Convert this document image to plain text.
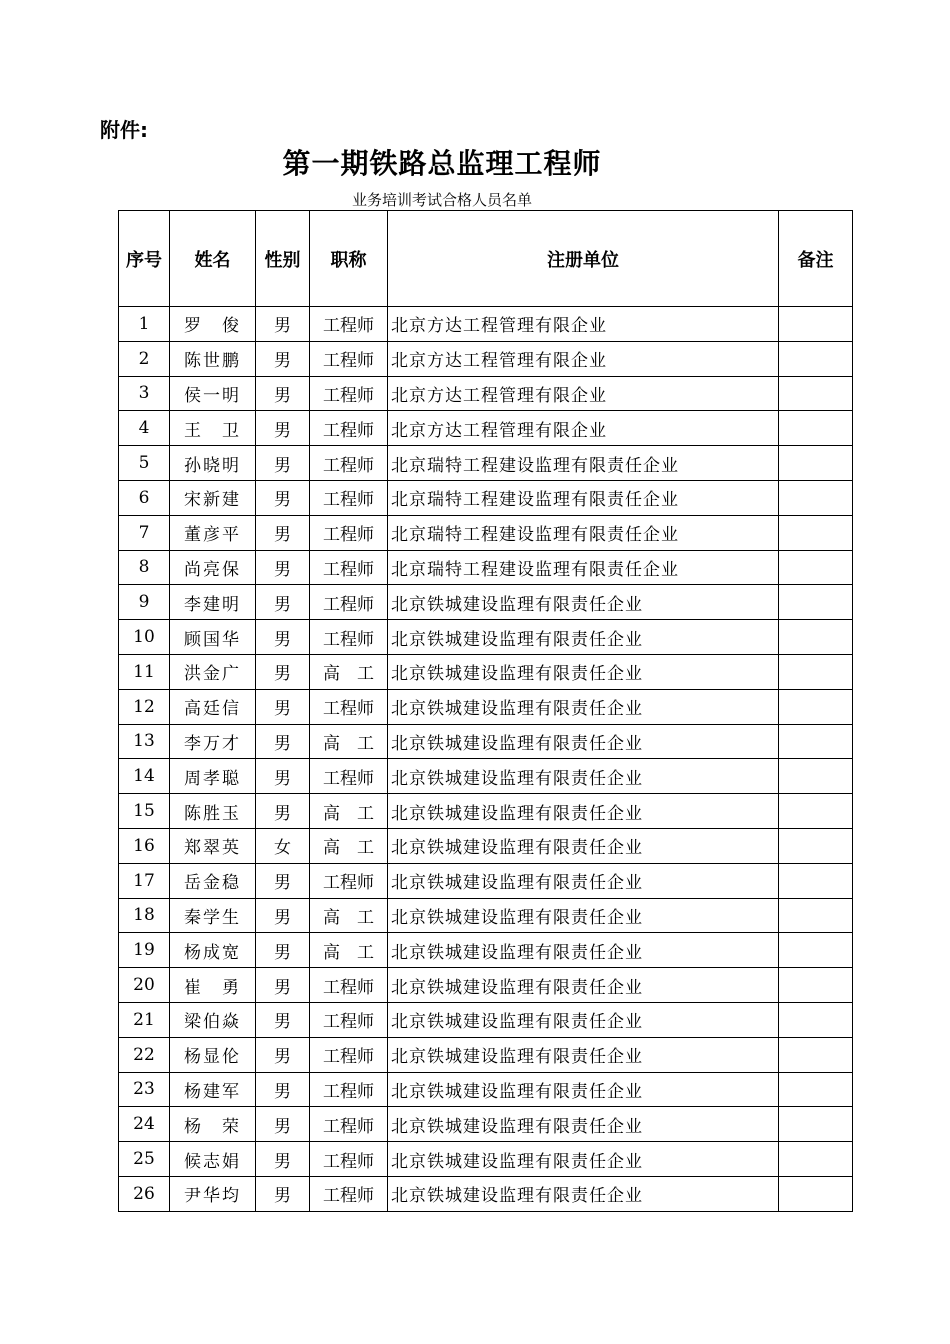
附件:
第一期铁路总监理工程师
业务培训考试合格人员名单
序号	姓名	性别	职称	注册单位	备注
1	罗　俊	男	工程师	北京方达工程管理有限企业	
2	陈世鹏	男	工程师	北京方达工程管理有限企业	
3	侯一明	男	工程师	北京方达工程管理有限企业	
4	王　卫	男	工程师	北京方达工程管理有限企业	
5	孙晓明	男	工程师	北京瑞特工程建设监理有限责任企业	
6	宋新建	男	工程师	北京瑞特工程建设监理有限责任企业	
7	董彦平	男	工程师	北京瑞特工程建设监理有限责任企业	
8	尚亮保	男	工程师	北京瑞特工程建设监理有限责任企业	
9	李建明	男	工程师	北京铁城建设监理有限责任企业	
10	顾国华	男	工程师	北京铁城建设监理有限责任企业	
11	洪金广	男	高　工	北京铁城建设监理有限责任企业	
12	高廷信	男	工程师	北京铁城建设监理有限责任企业	
13	李万才	男	高　工	北京铁城建设监理有限责任企业	
14	周孝聪	男	工程师	北京铁城建设监理有限责任企业	
15	陈胜玉	男	高　工	北京铁城建设监理有限责任企业	
16	郑翠英	女	高　工	北京铁城建设监理有限责任企业	
17	岳金稳	男	工程师	北京铁城建设监理有限责任企业	
18	秦学生	男	高　工	北京铁城建设监理有限责任企业	
19	杨成宽	男	高　工	北京铁城建设监理有限责任企业	
20	崔　勇	男	工程师	北京铁城建设监理有限责任企业	
21	梁伯焱	男	工程师	北京铁城建设监理有限责任企业	
22	杨显伦	男	工程师	北京铁城建设监理有限责任企业	
23	杨建军	男	工程师	北京铁城建设监理有限责任企业	
24	杨　荣	男	工程师	北京铁城建设监理有限责任企业	
25	候志娟	男	工程师	北京铁城建设监理有限责任企业	
26	尹华均	男	工程师	北京铁城建设监理有限责任企业	
